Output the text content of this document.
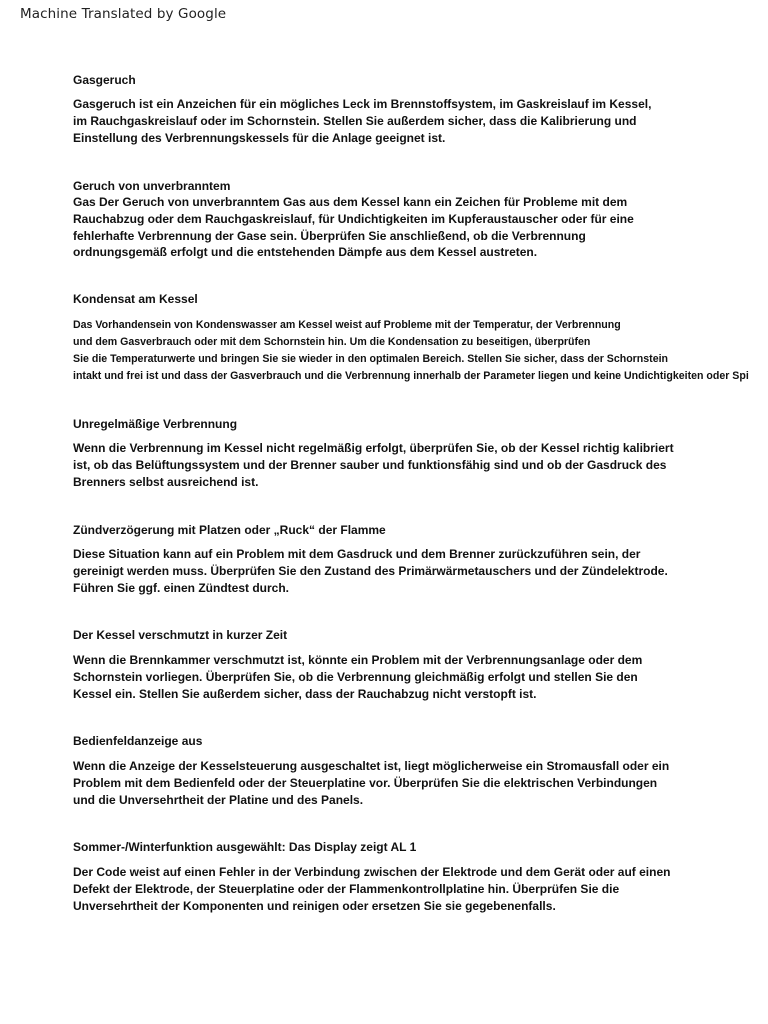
Machine Translated by Google
Gasgeruch
Gasgeruch ist ein Anzeichen für ein mögliches Leck im Brennstoffsystem, im Gaskreislauf im Kessel,
im Rauchgaskreislauf oder im Schornstein. Stellen Sie außerdem sicher, dass die Kalibrierung und
Einstellung des Verbrennungskessels für die Anlage geeignet ist.
Geruch von unverbranntem
Gas Der Geruch von unverbranntem Gas aus dem Kessel kann ein Zeichen für Probleme mit dem
Rauchabzug oder dem Rauchgaskreislauf, für Undichtigkeiten im Kupferaustauscher oder für eine
fehlerhafte Verbrennung der Gase sein. Überprüfen Sie anschließend, ob die Verbrennung
ordnungsgemäß erfolgt und die entstehenden Dämpfe aus dem Kessel austreten.
Kondensat am Kessel
Das Vorhandensein von Kondenswasser am Kessel weist auf Probleme mit der Temperatur, der Verbrennung
und dem Gasverbrauch oder mit dem Schornstein hin. Um die Kondensation zu beseitigen, überprüfen
Sie die Temperaturwerte und bringen Sie sie wieder in den optimalen Bereich. Stellen Sie sicher, dass der Schornstein
intakt und frei ist und dass der Gasverbrauch und die Verbrennung innerhalb der Parameter liegen und keine Undichtigkeiten oder Spi
Unregelmäßige Verbrennung
Wenn die Verbrennung im Kessel nicht regelmäßig erfolgt, überprüfen Sie, ob der Kessel richtig kalibriert
ist, ob das Belüftungssystem und der Brenner sauber und funktionsfähig sind und ob der Gasdruck des
Brenners selbst ausreichend ist.
Zündverzögerung mit Platzen oder „Ruck“ der Flamme
Diese Situation kann auf ein Problem mit dem Gasdruck und dem Brenner zurückzuführen sein, der
gereinigt werden muss. Überprüfen Sie den Zustand des Primärwärmetauschers und der Zündelektrode.
Führen Sie ggf. einen Zündtest durch.
Der Kessel verschmutzt in kurzer Zeit
Wenn die Brennkammer verschmutzt ist, könnte ein Problem mit der Verbrennungsanlage oder dem
Schornstein vorliegen. Überprüfen Sie, ob die Verbrennung gleichmäßig erfolgt und stellen Sie den
Kessel ein. Stellen Sie außerdem sicher, dass der Rauchabzug nicht verstopft ist.
Bedienfeldanzeige aus
Wenn die Anzeige der Kesselsteuerung ausgeschaltet ist, liegt möglicherweise ein Stromausfall oder ein
Problem mit dem Bedienfeld oder der Steuerplatine vor. Überprüfen Sie die elektrischen Verbindungen
und die Unversehrtheit der Platine und des Panels.
Sommer-/Winterfunktion ausgewählt: Das Display zeigt AL 1
Der Code weist auf einen Fehler in der Verbindung zwischen der Elektrode und dem Gerät oder auf einen
Defekt der Elektrode, der Steuerplatine oder der Flammenkontrollplatine hin. Überprüfen Sie die
Unversehrtheit der Komponenten und reinigen oder ersetzen Sie sie gegebenenfalls.
